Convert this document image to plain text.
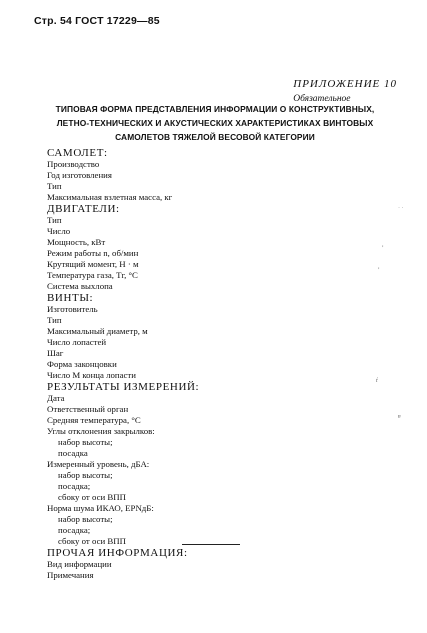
Стр. 54 ГОСТ 17229—85
ПРИЛОЖЕНИЕ 10
Обязательное
ТИПОВАЯ ФОРМА ПРЕДСТАВЛЕНИЯ ИНФОРМАЦИИ О КОНСТРУКТИВНЫХ,
ЛЕТНО-ТЕХНИЧЕСКИХ И АКУСТИЧЕСКИХ ХАРАКТЕРИСТИКАХ ВИНТОВЫХ
САМОЛЕТОВ ТЯЖЕЛОЙ ВЕСОВОЙ КАТЕГОРИИ
САМОЛЕТ:
Производство
Год изготовления
Тип
Максимальная взлетная масса, кг
ДВИГАТЕЛИ:
Тип
Число
Мощность, кВт
Режим работы n, об/мин
Крутящий момент, Н · м
Температура газа, Tг, °С
Система выхлопа
ВИНТЫ:
Изготовитель
Тип
Максимальный диаметр, м
Число лопастей
Шаг
Форма законцовки
Число M конца лопасти
РЕЗУЛЬТАТЫ ИЗМЕРЕНИЙ:
Дата
Ответственный орган
Средняя температура, °С
Углы отклонения закрылков:
набор высоты;
посадка
Измеренный уровень, дБА:
набор высоты;
посадка;
сбоку от оси ВПП
Норма шума ИКАО, EPNдБ:
набор высоты;
посадка;
сбоку от оси ВПП
ПРОЧАЯ ИНФОРМАЦИЯ:
Вид информации
Примечания
˙ ˙
,
,
ŕ
ɐ
